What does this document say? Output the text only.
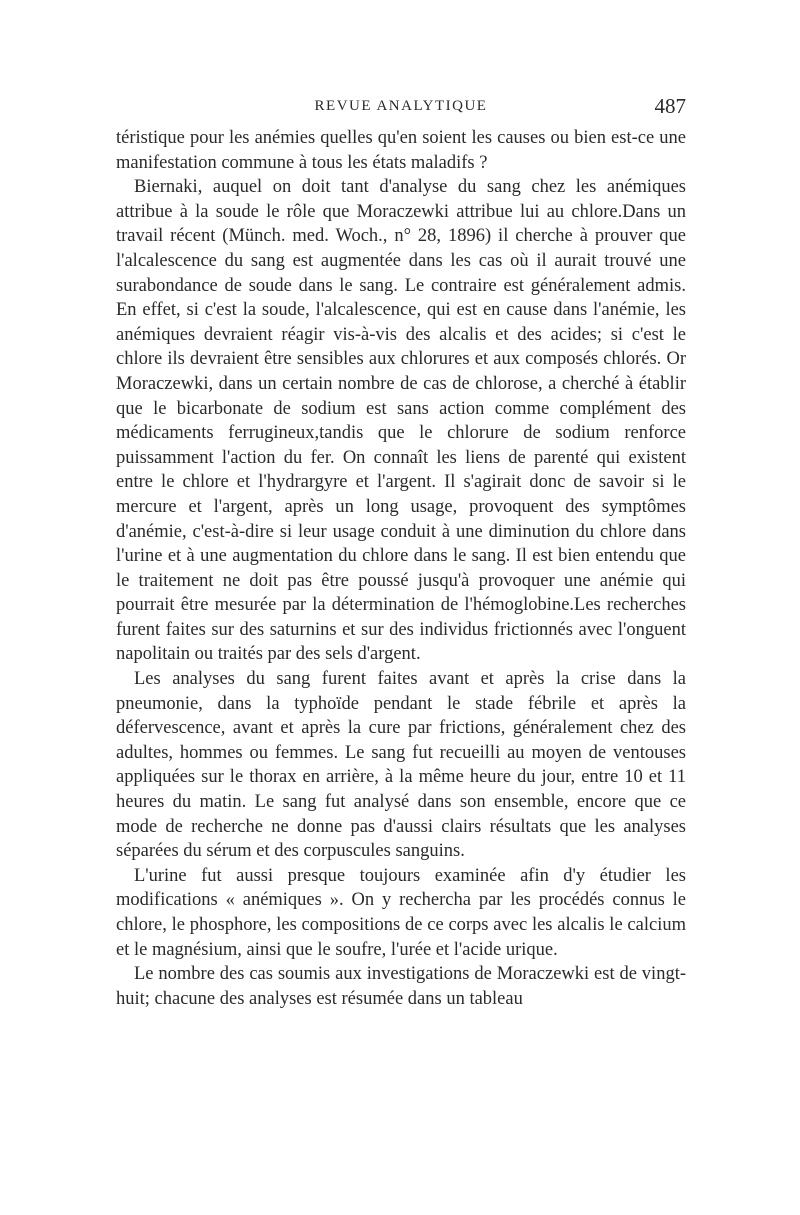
REVUE ANALYTIQUE	487

téristique pour les anémies quelles qu'en soient les causes ou bien est-ce une manifestation commune à tous les états maladifs ?

Biernaki, auquel on doit tant d'analyse du sang chez les anémiques attribue à la soude le rôle que Moraczewki attribue lui au chlore.Dans un travail récent (Münch. med. Woch., n° 28, 1896) il cherche à prouver que l'alcalescence du sang est augmentée dans les cas où il aurait trouvé une surabondance de soude dans le sang. Le contraire est généralement admis. En effet, si c'est la soude, l'alcalescence, qui est en cause dans l'anémie, les anémiques devraient réagir vis-à-vis des alcalis et des acides; si c'est le chlore ils devraient être sensibles aux chlorures et aux composés chlorés. Or Moraczewki, dans un certain nombre de cas de chlorose, a cherché à établir que le bicarbonate de sodium est sans action comme complément des médicaments ferrugineux,tandis que le chlorure de sodium renforce puissamment l'action du fer. On connaît les liens de parenté qui existent entre le chlore et l'hydrargyre et l'argent. Il s'agirait donc de savoir si le mercure et l'argent, après un long usage, provoquent des symptômes d'anémie, c'est-à-dire si leur usage conduit à une diminution du chlore dans l'urine et à une augmentation du chlore dans le sang. Il est bien entendu que le traitement ne doit pas être poussé jusqu'à provoquer une anémie qui pourrait être mesurée par la détermination de l'hémoglobine.Les recherches furent faites sur des saturnins et sur des individus frictionnés avec l'onguent napolitain ou traités par des sels d'argent.

Les analyses du sang furent faites avant et après la crise dans la pneumonie, dans la typhoïde pendant le stade fébrile et après la défervescence, avant et après la cure par frictions, généralement chez des adultes, hommes ou femmes. Le sang fut recueilli au moyen de ventouses appliquées sur le thorax en arrière, à la même heure du jour, entre 10 et 11 heures du matin. Le sang fut analysé dans son ensemble, encore que ce mode de recherche ne donne pas d'aussi clairs résultats que les analyses séparées du sérum et des corpuscules sanguins.

L'urine fut aussi presque toujours examinée afin d'y étudier les modifications « anémiques ». On y rechercha par les procédés connus le chlore, le phosphore, les compositions de ce corps avec les alcalis le calcium et le magnésium, ainsi que le soufre, l'urée et l'acide urique.

Le nombre des cas soumis aux investigations de Moraczewki est de vingt-huit; chacune des analyses est résumée dans un tableau
